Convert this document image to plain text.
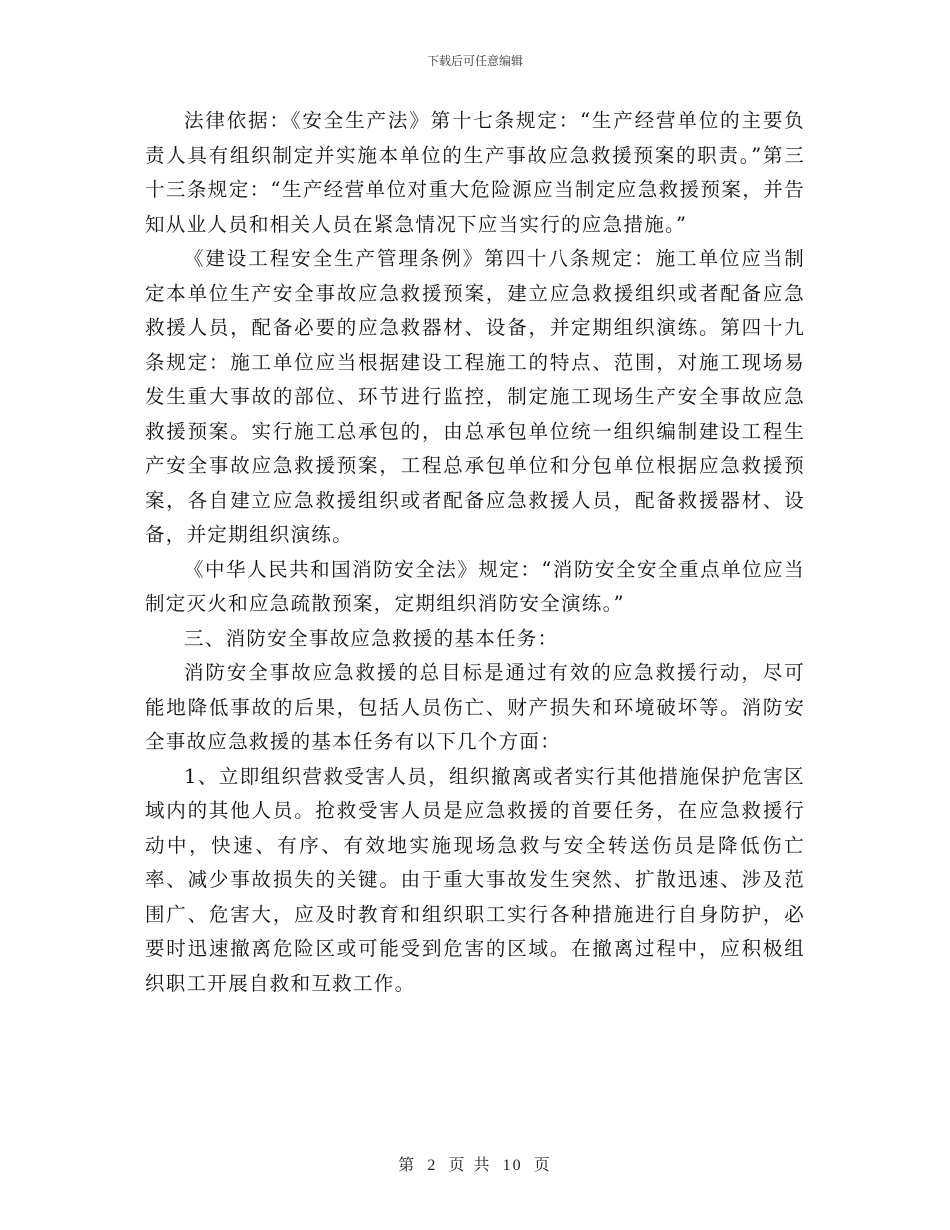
下载后可任意编辑

法律依据：《安全生产法》第十七条规定：“生产经营单位的主要负责人具有组织制定并实施本单位的生产事故应急救援预案的职责。”第三十三条规定：“生产经营单位对重大危险源应当制定应急救援预案，并告知从业人员和相关人员在紧急情况下应当实行的应急措施。”

《建设工程安全生产管理条例》第四十八条规定：施工单位应当制定本单位生产安全事故应急救援预案，建立应急救援组织或者配备应急救援人员，配备必要的应急救器材、设备，并定期组织演练。第四十九条规定：施工单位应当根据建设工程施工的特点、范围，对施工现场易发生重大事故的部位、环节进行监控，制定施工现场生产安全事故应急救援预案。实行施工总承包的，由总承包单位统一组织编制建设工程生产安全事故应急救援预案，工程总承包单位和分包单位根据应急救援预案，各自建立应急救援组织或者配备应急救援人员，配备救援器材、设备，并定期组织演练。

《中华人民共和国消防安全法》规定：“消防安全安全重点单位应当制定灭火和应急疏散预案，定期组织消防安全演练。”

三、消防安全事故应急救援的基本任务：

消防安全事故应急救援的总目标是通过有效的应急救援行动，尽可能地降低事故的后果，包括人员伤亡、财产损失和环境破坏等。消防安全事故应急救援的基本任务有以下几个方面：

1、立即组织营救受害人员，组织撤离或者实行其他措施保护危害区域内的其他人员。抢救受害人员是应急救援的首要任务，在应急救援行动中，快速、有序、有效地实施现场急救与安全转送伤员是降低伤亡率、减少事故损失的关键。由于重大事故发生突然、扩散迅速、涉及范围广、危害大，应及时教育和组织职工实行各种措施进行自身防护，必要时迅速撤离危险区或可能受到危害的区域。在撤离过程中，应积极组织职工开展自救和互救工作。

第 2 页 共 10 页
